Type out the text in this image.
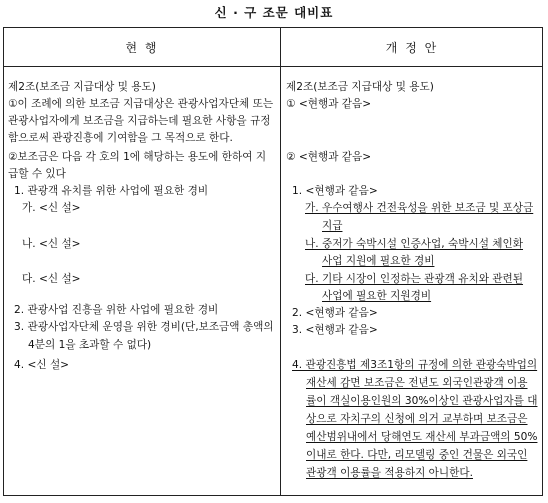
신 · 구 조문 대비표
현 행	개 정 안
제2조(보조금 지급대상 및 용도)
①이 조례에 의한 보조금 지급대상은 관광사업자단체 또는
관광사업자에게 보조금을 지급하는데 필요한 사항을 규정
함으로써 관광진흥에 기여함을 그 목적으로 한다.
②보조금은 다음 각 호의 1에 해당하는 용도에 한하여 지
급할 수 있다
1. 관광객 유치를 위한 사업에 필요한 경비
가. <신 설>
나. <신 설>
다. <신 설>
2. 관광사업 진흥을 위한 사업에 필요한 경비
3. 관광사업자단체 운영을 위한 경비(단,보조금액 총액의
4분의 1을 초과할 수 없다)
4. <신 설>
제2조(보조금 지급대상 및 용도)
① <현행과 같음>
② <현행과 같음>
1. <현행과 같음>
가. 우수여행사 건전육성을 위한 보조금 및 포상금
지급
나. 중저가 숙박시설 인증사업, 숙박시설 체인화
사업 지원에 필요한 경비
다. 기타 시장이 인정하는 관광객 유치와 관련된
사업에 필요한 지원경비
2. <현행과 같음>
3. <현행과 같음>
4. 관광진흥법 제3조1항의 규정에 의한 관광숙박업의
재산세 감면 보조금은 전년도 외국인관광객 이용
률이 객실이용인원의 30%이상인 관광사업자를 대
상으로 자치구의 신청에 의거 교부하며 보조금은
예산범위내에서 당해연도 재산세 부과금액의 50%
이내로 한다. 다만, 리모델링 중인 건물은 외국인
관광객 이용률을 적용하지 아니한다.
